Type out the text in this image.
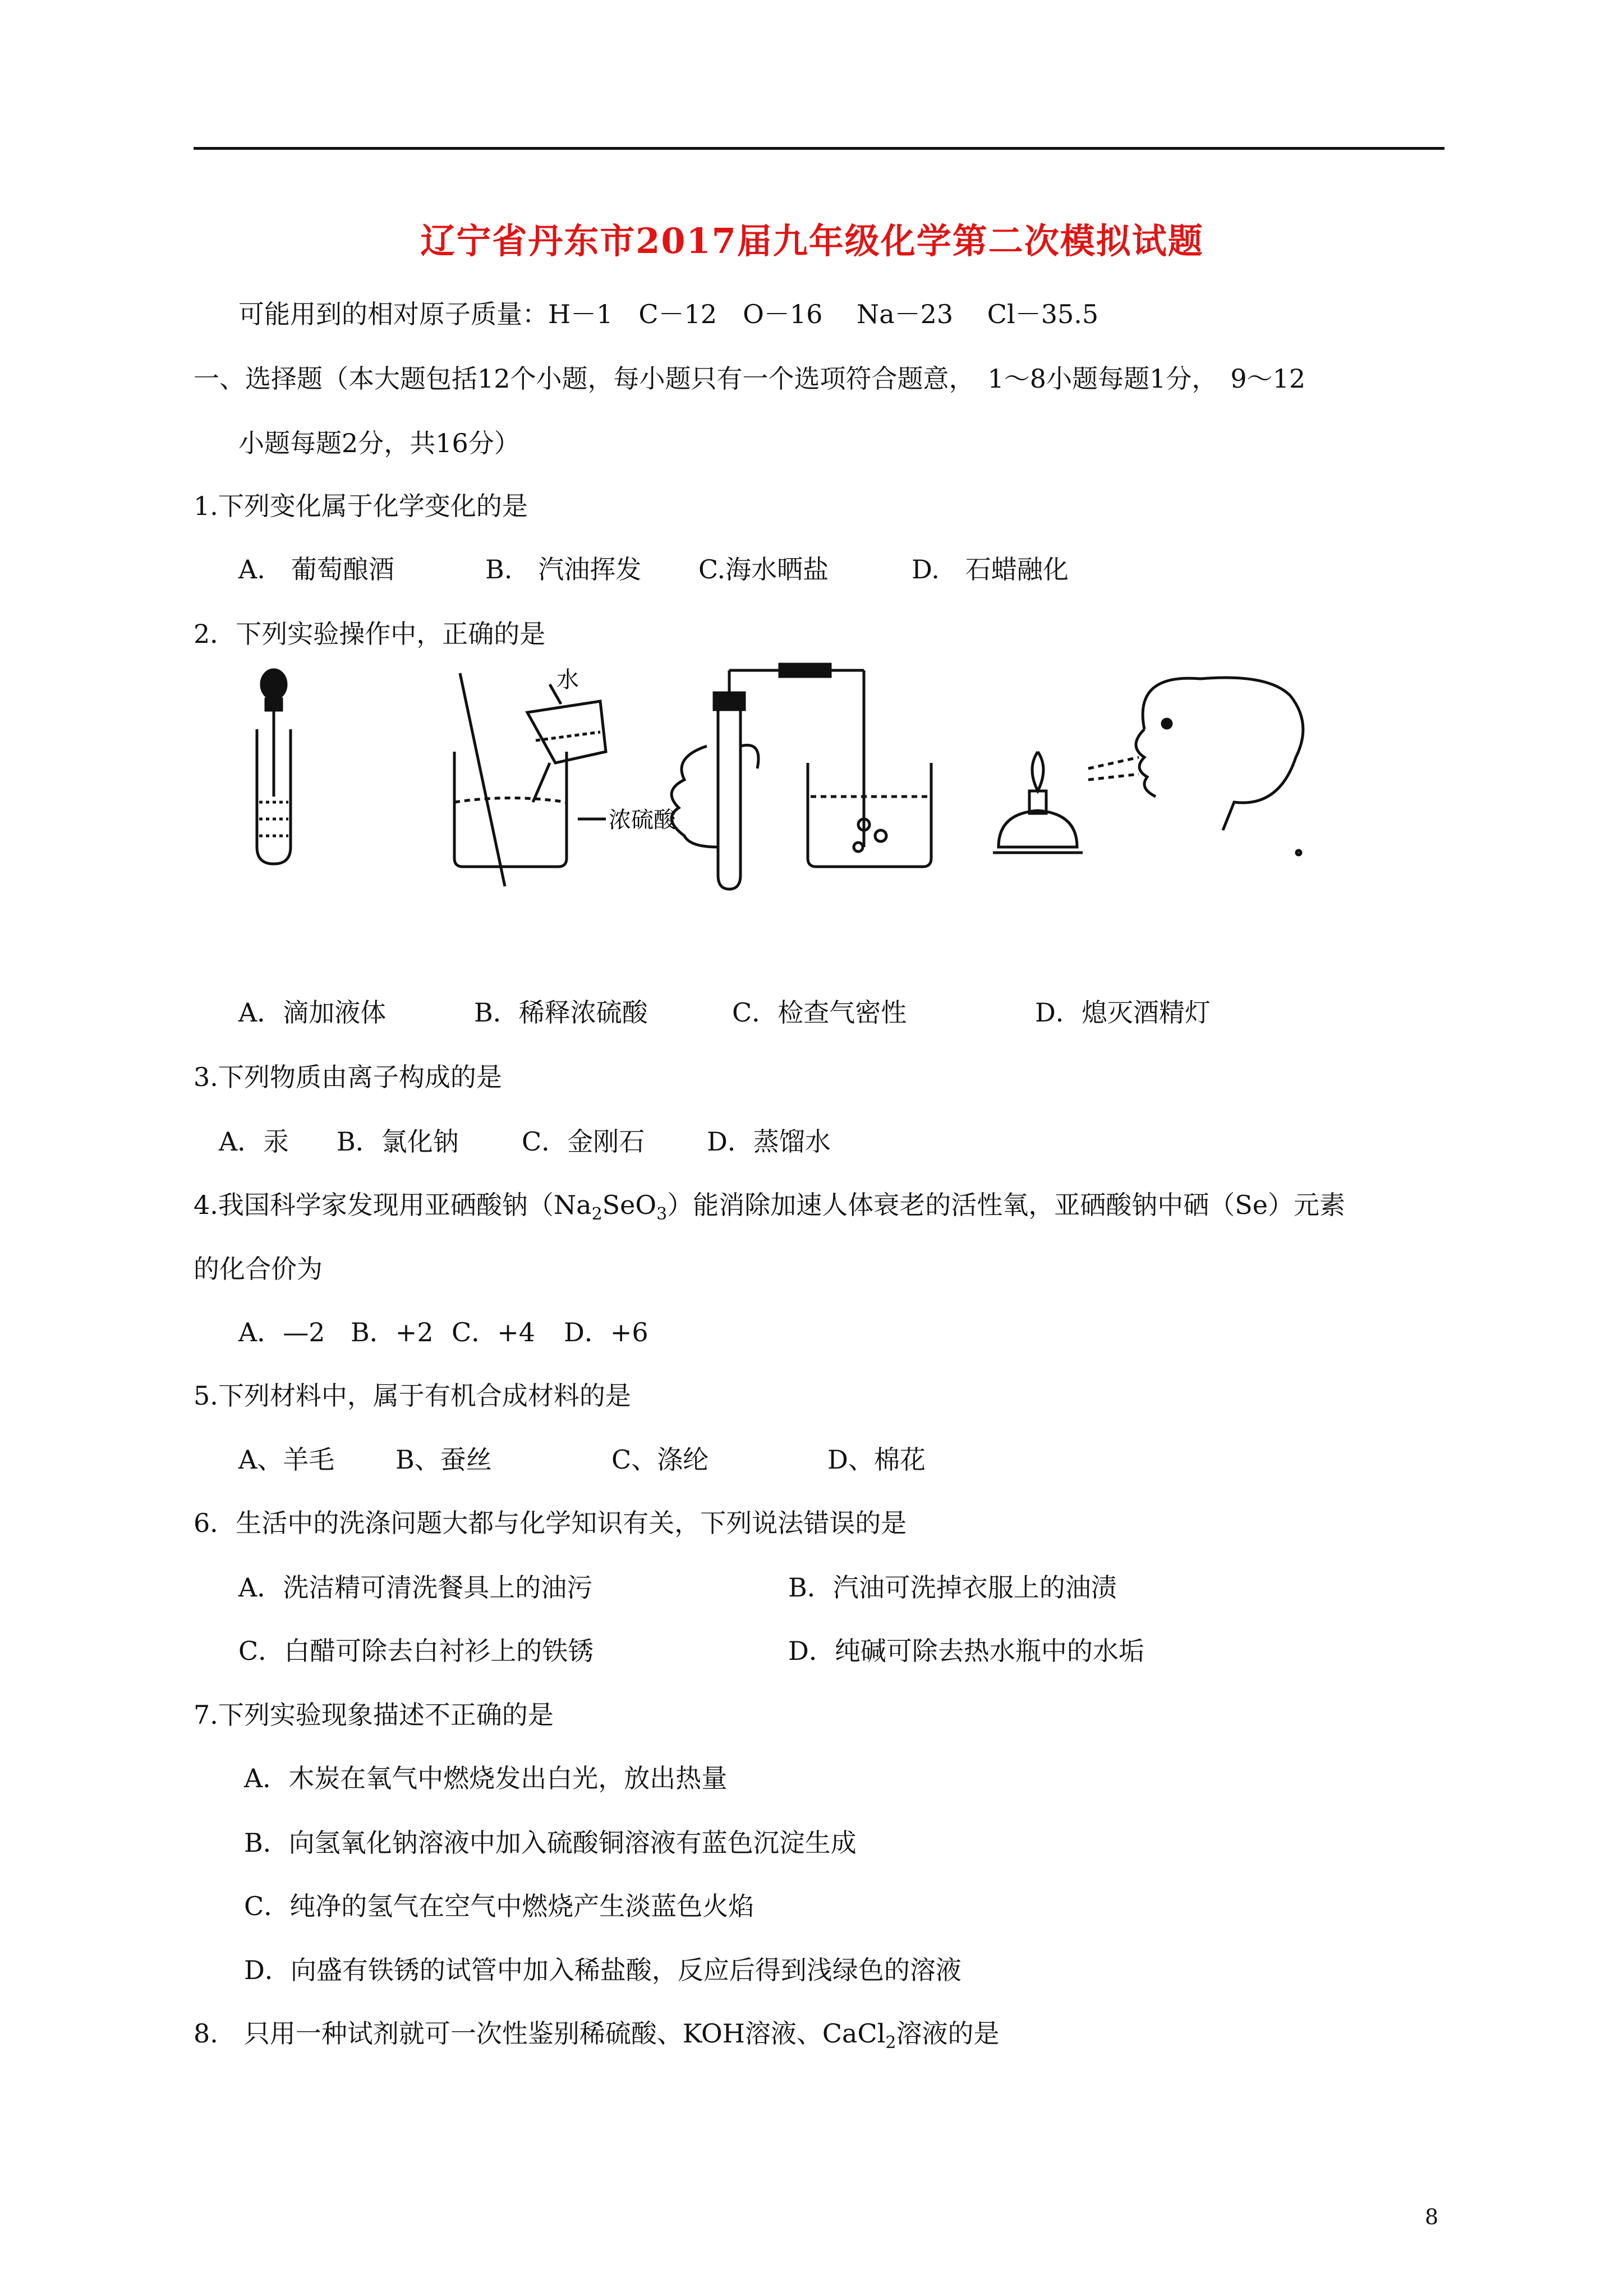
辽宁省丹东市2017届九年级化学第二次模拟试题
可能用到的相对原子质量：H－1　C－12　O－16　 Na－23　 Cl－35.5
一、选择题（本大题包括12个小题，每小题只有一个选项符合题意，　1～8小题每题1分，　9～12
小题每题2分，共16分）
1.下列变化属于化学变化的是
A.　葡萄酿酒	B.　汽油挥发 C.海水晒盐	D.　石蜡融化
2．下列实验操作中，正确的是
水
浓硫酸
A．滴加液体	B．稀释浓硫酸	C．检查气密性	D．熄灭酒精灯
3.下列物质由离子构成的是
A．汞 B．氯化钠 C．金刚石 D．蒸馏水
4.我国科学家发现用亚硒酸钠$(Na_2SeO_3)$能消除加速人体衰老的活性氧，亚硒酸钠中硒（Se）元素
的化合价为
A．—2 B．+2 C．+4 D．+6
5.下列材料中，属于有机合成材料的是
A、羊毛 B、蚕丝	C、涤纶	D、棉花
6．生活中的洗涤问题大都与化学知识有关，下列说法错误的是
A．洗洁精可清洗餐具上的油污	B．汽油可洗掉衣服上的油渍
C．白醋可除去白衬衫上的铁锈	D．纯碱可除去热水瓶中的水垢
7.下列实验现象描述不正确的是
A．木炭在氧气中燃烧发出白光，放出热量
B．向氢氧化钠溶液中加入硫酸铜溶液有蓝色沉淀生成
C．纯净的氢气在空气中燃烧产生淡蓝色火焰
D．向盛有铁锈的试管中加入稀盐酸，反应后得到浅绿色的溶液
8.　只用一种试剂就可一次性鉴别稀硫酸、KOH溶液、CaCl$_2$溶液的是
8
